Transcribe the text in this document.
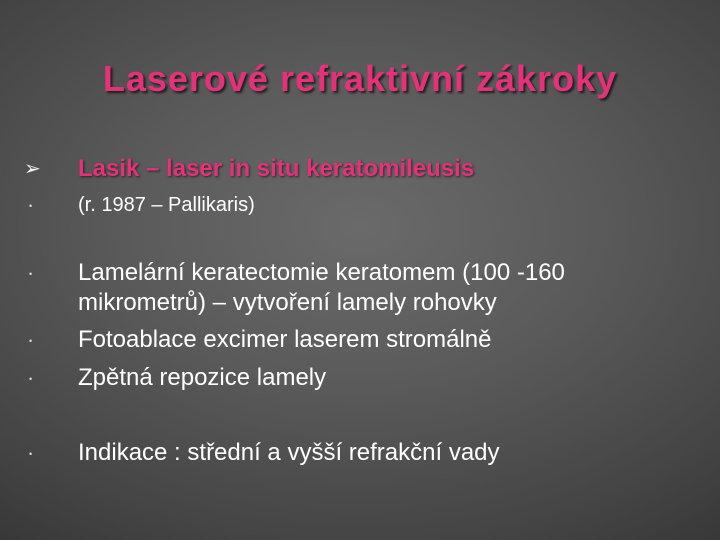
Laserové refraktivní zákroky
➢ Lasik – laser in situ keratomileusis
• (r. 1987 – Pallikaris)
• Lamelární keratectomie keratomem (100 -160
mikrometrů) – vytvoření lamely rohovky
• Fotoablace excimer laserem stromálně
• Zpětná repozice lamely
• Indikace : střední a vyšší refrakční vady
